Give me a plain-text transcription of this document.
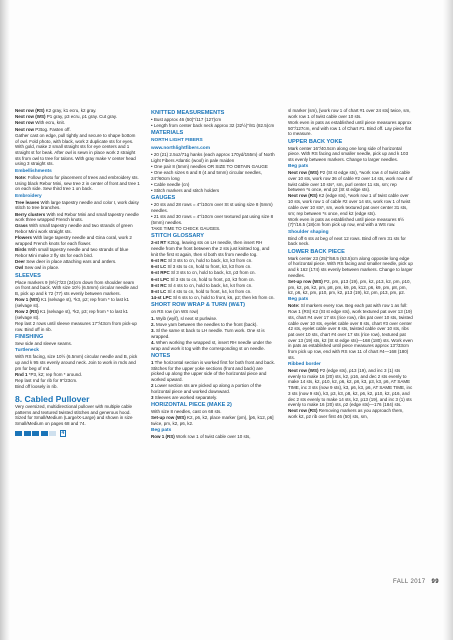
Next row (RS) K2 gray, k1 ecru, k2 gray.

Next row (WS) P1 gray, p3 ecru, p1 gray. Cut gray.

Next row With ecru, knit.

Next row P3tog. Fasten off.

Gather cast on edge, pull tightly and secure to shape bottom of owl. Fold photo, with black, work 2 duplicate sts for eyes. With gold, make 2 small straight sts for eye centers and 1 straight st for beak. After owl is sewn in place work 2 straight sts from owl to tree for talons. With gray make V center head using 3 straight sts.

Embellishments

Note: Follow photo for placement of trees and embroidery sts.

Using black Rebor Mini, sew tree 2 in center of front and tree 1 on each side. Sew third tree 1 on back.

Embroidery

Tree leaves With large tapestry needle and color I, work daisy stitch to tree branches.

Berry clusters With red Rebor Mini and small tapestry needle work three wrapped French knots.

Grass With small tapestry needle and two strands of green Rebor Mini work straight sts.

Flowers With large tapestry needle and Gina coral, work 2 wrapped French knots for each flower.

Birds With small tapestry needle and two strands of blue Rebor Mini make 2 fly sts for each bird.

Deer Sew deer in place attaching ears and antlers.

Owl Sew owl in place.

SLEEVES

Place markers 9 (9½)"/23 (24)cm down from shoulder seam on front and back. With size 10½ (6.5mm) circular needle and B, pick up and k 72 (77) sts evenly between markers.

Row 1 (WS) K1 (selvage st), *k3, p2; rep from * to last k1 (selvage st).

Row 2 (RS) K1 (selvage st), *k2, p3; rep from * to last k1 (selvage st).

Rep last 2 rows until sleeve measures 17"/43cm from pick-up row. Bind off in rib.

FINISHING

Sew side and sleeve seams.

Turtleneck

With RS facing, size 10½ (6.5mm) circular needle and B, pick up and k 95 sts evenly around neck. Join to work in rnds and pm for beg of rnd.

Rnd 1 *P3, k2; rep from * around.

Rep last rnd for rib for 9"/23cm.

Bind off loosely in rib.

8. Cabled Pullover

Very oversized, multidirectional pullover with multiple cable patterns and textured twisted stitches and generous hood. Sized for Small/Medium (Large/X-Large) and shown in size Small/Medium on pages 68 and 74.

4
KNITTED MEASUREMENTS

• Bust approx 46 (50)"/117 (127)cm

• Length from center back neck approx 32 (32½)"/81 (82.5)cm

MATERIALS
NORTH LIGHT FIBERS
www.northlightfibers.com

• 20 (21) 2.5oz/71g hanks (each approx 170yd/155m) of North Light Fibers Atlantic (wool) in pale maiden

• One pair 8 (5mm) needles OR SIZE TO OBTAIN GAUGE

• One each sizes 6 and 8 (4 and 5mm) circular needles, 24"/60cm long

• Cable needle (cn)

• Stitch markers and stitch holders

GAUGES

• 20 sts and 28 rows = 4"/10cm over St st using size 8 (5mm) needles.

• 21 sts and 30 rows = 4"/10cm over textured pat using size 8 (5mm) needles.

TAKE TIME TO CHECK GAUGES.

STITCH GLOSSARY

2-st RT K2tog, leaving sts on LH needle, then insert RH needle from the front between the 2 sts just knitted tog, and knit the first st again, then sl both sts from needle tog.

6-st RC Sl 3 sts to cn, hold to back, k3, k3 from cn.

6-st LC Sl 3 sts to cn, hold to front, k3, k3 from cn.

6-st RPC Sl 3 sts to cn, hold to back, k3, p3 from cn.

6-st LPC Sl 3 sts to cn, hold to front, p3, k3 from cn.

8-st RC Sl 4 sts to cn, hold to back, k4, k4 from cn.

8-st LC Sl 4 sts to cn, hold to front, k4, k4 from cn.

14-st LPC Sl 6 sts to cn, hold to front, k6, p2; then k6 from cn.

SHORT ROW WRAP & TURN (W&T)

on RS row (on WS row)

1. Wyib (wyif), sl next st purlwise.

2. Move yarn between the needles to the front (back).

3. Sl the same st back to LH needle. Turn work. One st is wrapped.

4. When working the wrapped st, insert RH needle under the wrap and work it tog with the corresponding st on needle.

NOTES

1 The horizontal section is worked first for both front and back. Stitches for the upper yoke sections (front and back) are picked up along the upper side of the horizontal piece and worked upward.

2 Lower section sts are picked up along a portion of the horizontal piece and worked downward.

3 Sleeves are worked separately.

HORIZONTAL PIECE (MAKE 2)

With size 8 needles, cast on 68 sts.

Set-up row (WS) K2, p6, k2, place marker (pm), [p6, k12, p6] twice, pm, k2, p6, k2.

Beg pats

Row 1 (RS) Work row 1 of twist cable over 10 sts,

sl marker (sm), [work row 1 of chart #1 over 24 sts] twice, sm, work row 1 of twist cable over 10 sts.

Work even in pats as established until piece measures approx 50"/127cm, end with row 1 of Chart #1. Bind off. Lay piece flat to measure.

UPPER BACK YOKE

Mark center 16"/40.5cm along one long side of horizontal piece. With RS facing and smaller needle, pick up and k 103 sts evenly between markers. Change to larger needles.

Beg pats

Next row (WS) P2 (St st edge sts), *work row 4 of twist cable over 10 sts, work row 36 of cable #2 over 14 sts, work row 4 of twist cable over 10 sts*, sm, purl center 11 sts, sm; rep between *s once, end p2 (St st edge sts).

Next row (RS) K2 (edge sts), *work row 1 of twist cable over 10 sts, work row 1 of cable #2 over 14 sts, work row 1 of twist cable over 10 sts*, sm, work textured pat over center 31 sts, sm; rep between *s once, end k2 (edge sts).

Work even in pats as established until piece measures 6½ (7)"/16.5 (18)cm from pick up row, end with a WS row.

Shoulder shaping

Bind off 6 sts at beg of next 12 rows. Bind off rem 31 sts for back neck.

LOWER BACK PIECE

Mark center 23 (25)"/58.5 (63.5)cm along opposite long edge of horizontal piece. With RS facing and smaller needle, pick up and k 162 (174) sts evenly between markers. Change to larger needles.

Set-up row (WS) P2, pm, p13 (19), pm, k2, p13, k2, pm, p10, pm, k2, p6, k2, pm, p8, pm, k9, p6, k12, p6, k9, pm, p8, pm, k2, p6, k2, pm, p10, pm, k2, p13 (19), k2, pm, p13, pm, p2.

Beg pats

Note: Sl markers every row. Beg each pat with row 1 as foll: Row 1 (RS) K2 (St st edge sts), work textured pat over 13 (19) sts, chart #4 over 17 sts (rice row), ribs pat over 10 sts, twisted cable over 10 sts, eyelet cable over 8 sts, chart #3 over center 42 sts, eyelet cable over 8 sts, twisted cable over 10 sts, ribs pat over 10 sts, chart #4 over 17 sts (rice row), textured pat over 13 (19) sts, k2 (St st edge sts)—168 (180) sts. Work even in pats as established until piece measures approx 13"/33cm from pick up row, end with RS row 11 of chart #4—168 (180) sts.

Ribbed border

Next row (WS) P2 (edge sts), p13 (19), and inc 3 (1) sts evenly to make 16 (20) sts, k2, p16, and dec 2 sts evenly to make 14 sts, k2, p10, k2, p6, k2, p8, k3, p3, k3, p6, AT SAME TIME, inc 3 sts (now 9 sts), k3, p6, k3, p6, AT SAME TIME, inc 3 sts (now 9 sts), k3, p3, k3, p8, k2, p6, k2, p10, k2, p16, and dec 2 sts evenly to make 14 sts, k2, p13 (19), and inc 3 (1) sts evenly to make 16 (20) sts, p2 (edge sts)—176 (184) sts.

Next row (RS) Removing markers as you approach them, work k2, p2 rib over first 46 (50) sts, sm,

FALL 2017 99
